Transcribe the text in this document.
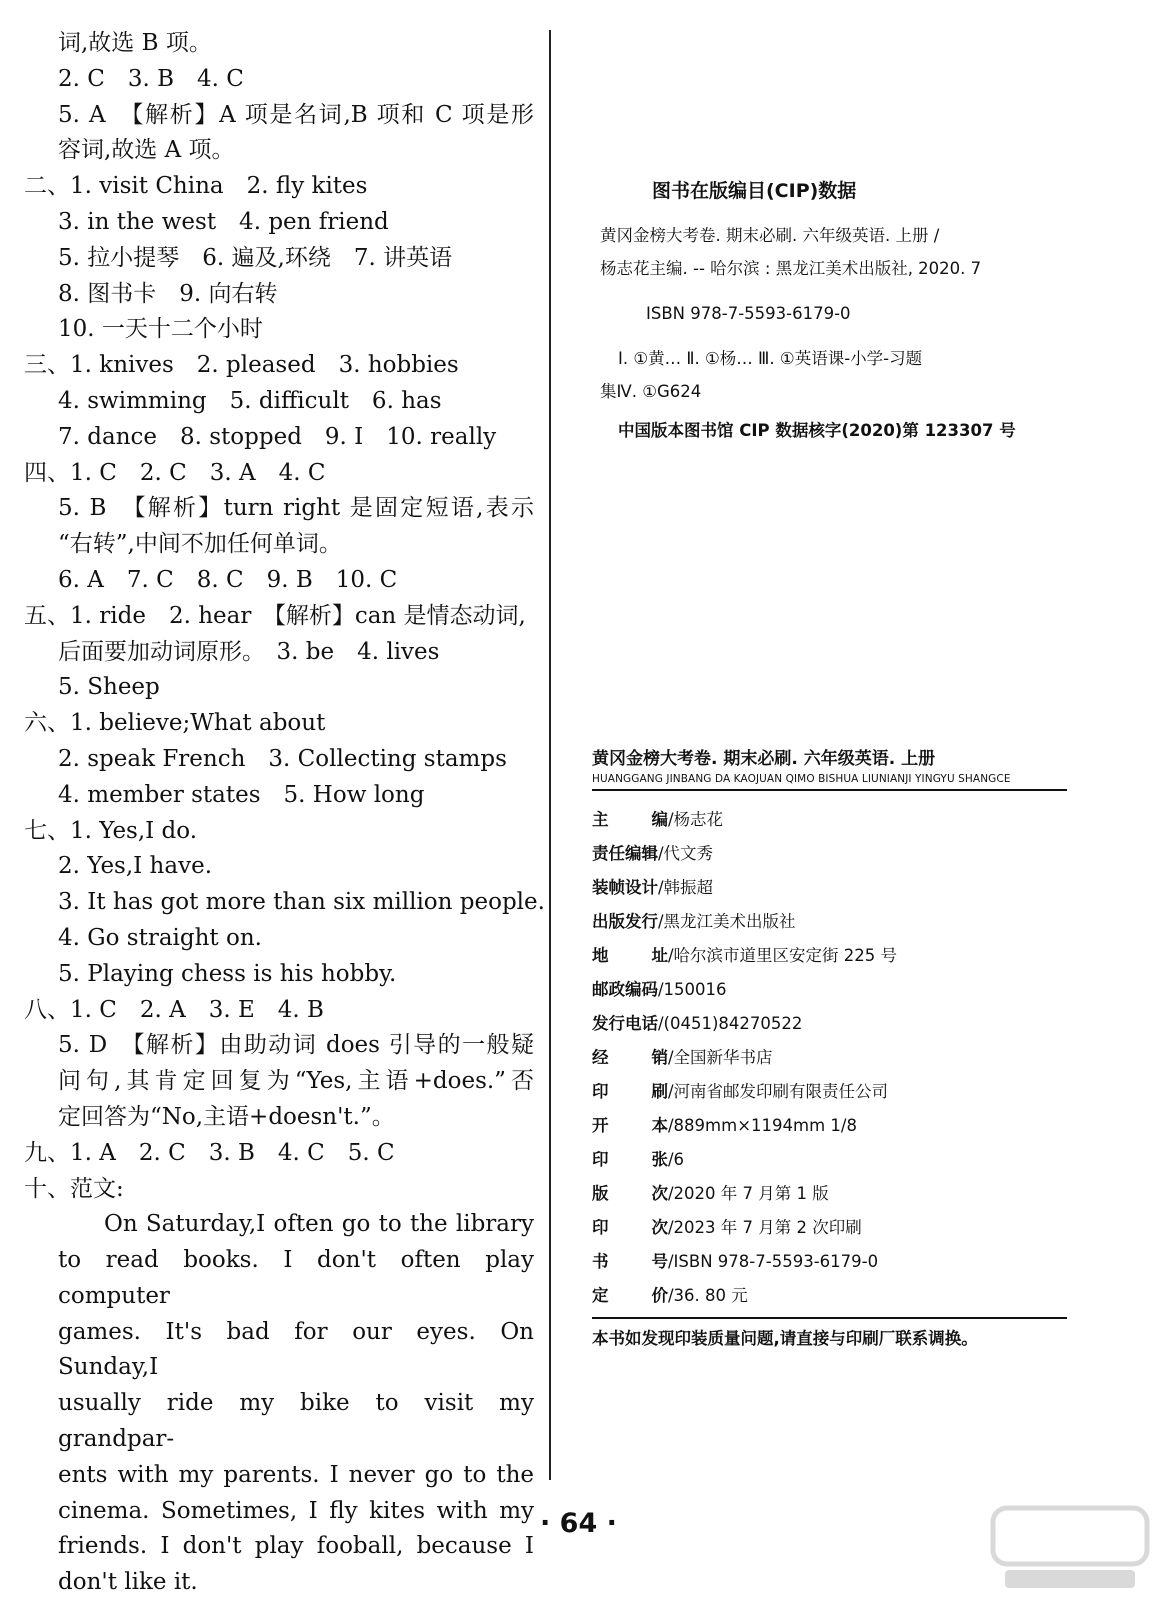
词,故选 B 项。
2. C　3. B　4. C
5. A　【解析】A 项是名词,B 项和 C 项是形
容词,故选 A 项。
二、1. visit China　2. fly kites
3. in the west　4. pen friend
5. 拉小提琴　6. 遍及,环绕　7. 讲英语
8. 图书卡　9. 向右转
10. 一天十二个小时
三、1. knives　2. pleased　3. hobbies
4. swimming　5. difficult　6. has
7. dance　8. stopped　9. I　10. really
四、1. C　2. C　3. A　4. C
5. B　【解析】turn right 是固定短语,表示
“右转”,中间不加任何单词。
6. A　7. C　8. C　9. B　10. C
五、1. ride　2. hear　【解析】can 是情态动词,
后面要加动词原形。　3. be　4. lives
5. Sheep
六、1. believe;What about
2. speak French　3. Collecting stamps
4. member states　5. How long
七、1. Yes,I do.
2. Yes,I have.
3. It has got more than six million people.
4. Go straight on.
5. Playing chess is his hobby.
八、1. C　2. A　3. E　4. B
5. D　【解析】由助动词 does 引导的一般疑
问句,其肯定回复为“Yes,主语+does.”否
定回答为“No,主语+doesn't.”。
九、1. A　2. C　3. B　4. C　5. C
十、范文:
On Saturday,I often go to the library
to read books. I don't often play computer
games. It's bad for our eyes. On Sunday,I
usually ride my bike to visit my grandpar-
ents with my parents. I never go to the
cinema. Sometimes, I fly kites with my
friends. I don't play fooball, because I
don't like it.
图书在版编目(CIP)数据
黄冈金榜大考卷. 期末必刷. 六年级英语. 上册 /
杨志花主编. -- 哈尔滨 : 黑龙江美术出版社, 2020. 7
ISBN 978-7-5593-6179-0
Ⅰ. ①黄… Ⅱ. ①杨… Ⅲ. ①英语课-小学-习题
集Ⅳ. ①G624
中国版本图书馆 CIP 数据核字(2020)第 123307 号
黄冈金榜大考卷. 期末必刷. 六年级英语. 上册
HUANGGANG JINBANG DA KAOJUAN QIMO BISHUA LIUNIANJI YINGYU SHANGCE
主	编 /杨志花
责任编辑 /代文秀
装帧设计 /韩振超
出版发行 /黑龙江美术出版社
地	址 /哈尔滨市道里区安定街 225 号
邮政编码 /150016
发行电话 /(0451)84270522
经	销 /全国新华书店
印	刷 /河南省邮发印刷有限责任公司
开	本 /889mm×1194mm 1/8
印	张 /6
版	次 /2020 年 7 月第 1 版
印	次 /2023 年 7 月第 2 次印刷
书	号 /ISBN 978-7-5593-6179-0
定	价 /36. 80 元
本书如发现印装质量问题,请直接与印刷厂联系调换。
· 64 ·
